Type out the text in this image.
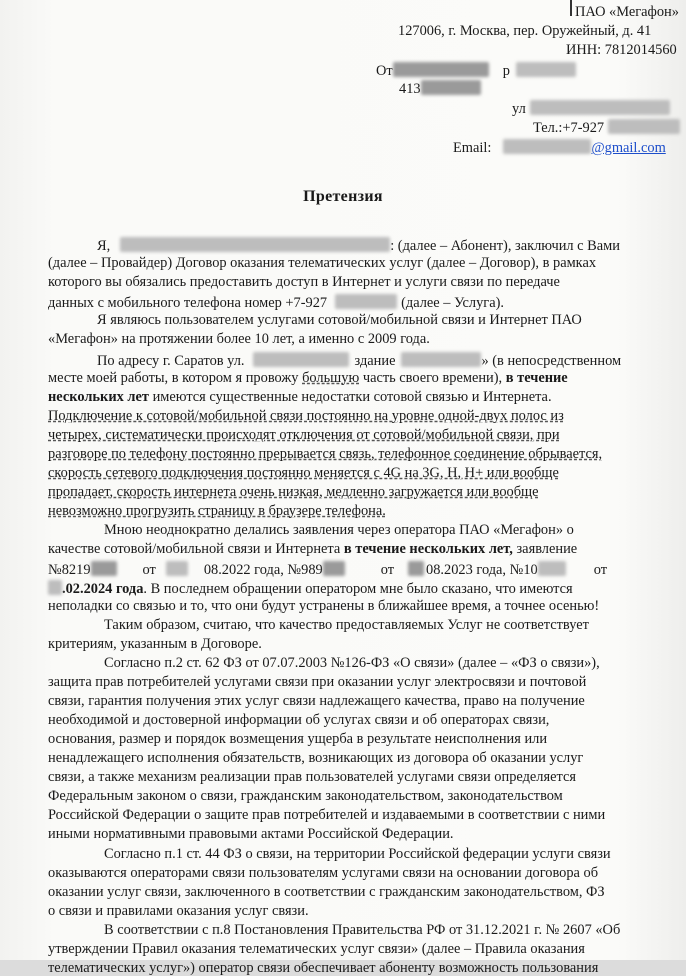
ПАО «Мегафон»
127006, г. Москва, пер. Оружейный, д. 41
ИНН: 7812014560
От	р
413
ул
Тел.:+7-927
Email:	@gmail.com
Претензия
Я,	: (далее – Абонент), заключил с Вами
(далее – Провайдер) Договор оказания телематических услуг (далее – Договор), в рамках
которого вы обязались предоставить доступ в Интернет и услуги связи по передаче
данных с мобильного телефона номер +7-927	(далее – Услуга).
Я являюсь пользователем услугами сотовой/мобильной связи и Интернет ПАО
«Мегафон» на протяжении более 10 лет, а именно с 2009 года.
По адресу г. Саратов ул.	здание	» (в непосредственном
месте моей работы, в котором я провожу большую часть своего времени), в течение
нескольких лет имеются существенные недостатки сотовой связью и Интернета.
Подключение к сотовой/мобильной связи постоянно на уровне одной-двух полос из
четырех, систематически происходят отключения от сотовой/мобильной связи, при
разговоре по телефону постоянно прерывается связь, телефонное соединение обрывается,
скорость сетевого подключения постоянно меняется с 4G на 3G, H, H+ или вообще
пропадает, скорость интернета очень низкая, медленно загружается или вообще
невозможно прогрузить страницу в браузере телефона.
Мною неоднократно делались заявления через оператора ПАО «Мегафон» о
качестве сотовой/мобильной связи и Интернета в течение нескольких лет, заявление
№8219	от	08.2022 года, №989	от 08.2023 года, №10	от
.02.2024 года. В последнем обращении оператором мне было сказано, что имеются
неполадки со связью и то, что они будут устранены в ближайшее время, а точнее осенью!
Таким образом, считаю, что качество предоставляемых Услуг не соответствует
критериям, указанным в Договоре.
Согласно п.2 ст. 62 ФЗ от 07.07.2003 №126-ФЗ «О связи» (далее – «ФЗ о связи»),
защита прав потребителей услугами связи при оказании услуг электросвязи и почтовой
связи, гарантия получения этих услуг связи надлежащего качества, право на получение
необходимой и достоверной информации об услугах связи и об операторах связи,
основания, размер и порядок возмещения ущерба в результате неисполнения или
ненадлежащего исполнения обязательств, возникающих из договора об оказании услуг
связи, а также механизм реализации прав пользователей услугами связи определяется
Федеральным законом о связи, гражданским законодательством, законодательством
Российской Федерации о защите прав потребителей и издаваемыми в соответствии с ними
иными нормативными правовыми актами Российской Федерации.
Согласно п.1 ст. 44 ФЗ о связи, на территории Российской федерации услуги связи
оказываются операторами связи пользователям услугами связи на основании договора об
оказании услуг связи, заключенного в соответствии с гражданским законодательством, ФЗ
о связи и правилами оказания услуг связи.
В соответствии с п.8 Постановления Правительства РФ от 31.12.2021 г. № 2607 «Об
утверждении Правил оказания телематических услуг связи» (далее – Правила оказания
телематических услуг») оператор связи обеспечивает абоненту возможность пользования
